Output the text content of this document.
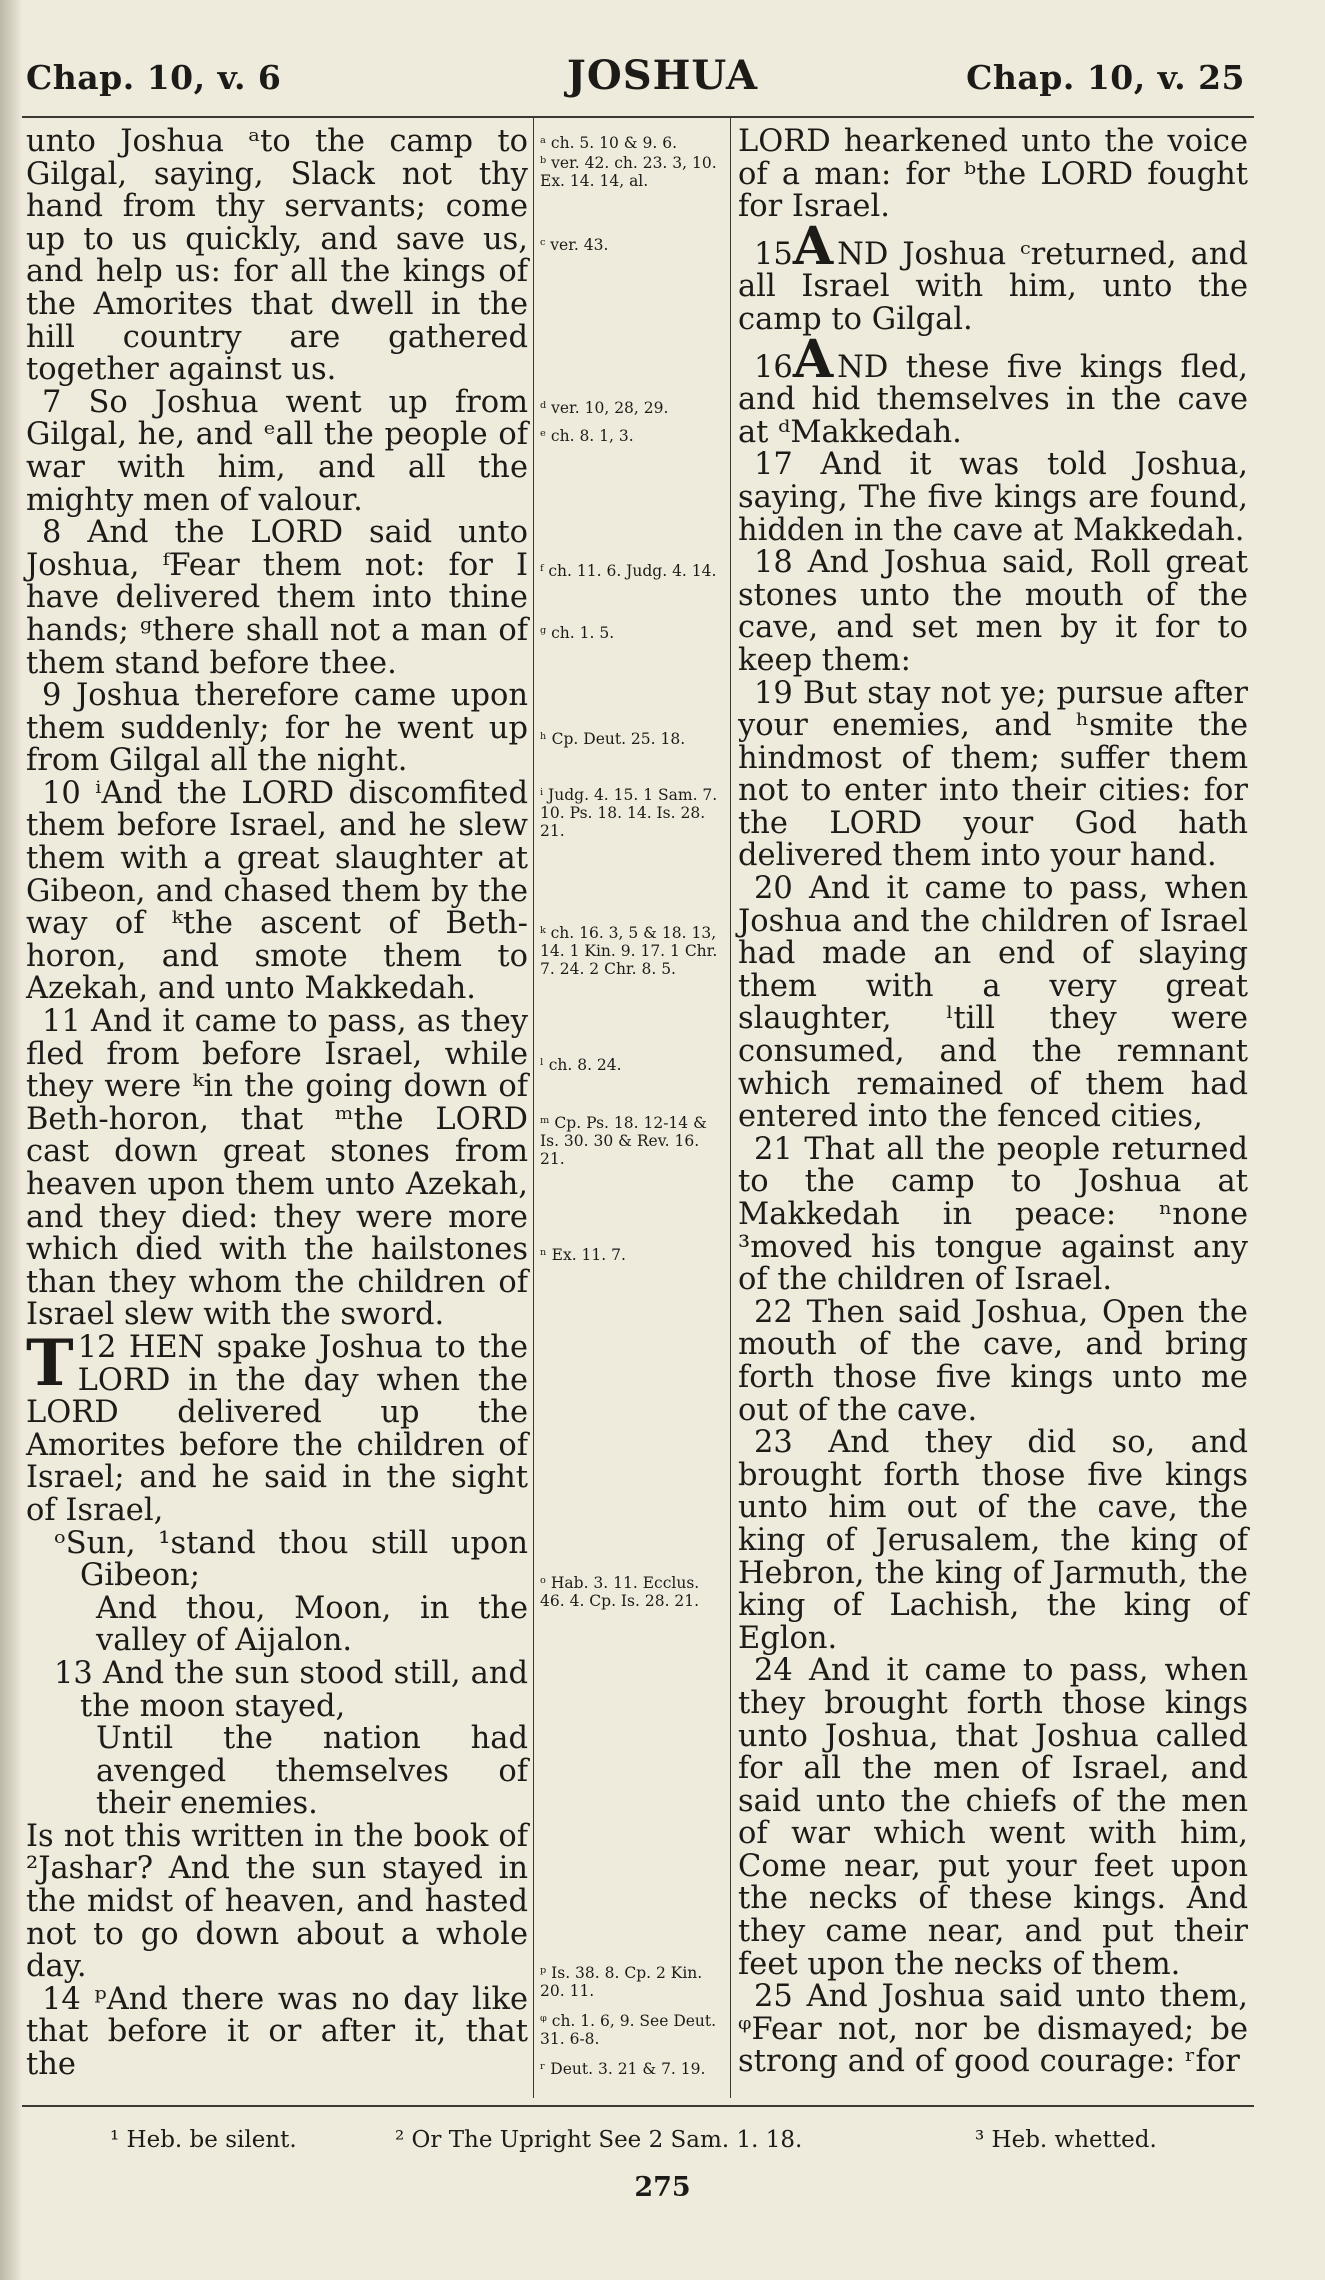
Chap. 10, v. 6	JOSHUA	Chap. 10, v. 25

unto Joshua ᵃto the camp to Gilgal, saying, Slack not thy hand from thy servants; come up to us quickly, and save us, and help us: for all the kings of the Amorites that dwell in the hill country are gathered together against us.

7 So Joshua went up from Gilgal, he, and ᵉall the people of war with him, and all the mighty men of valour.

8 And the LORD said unto Joshua, ᶠFear them not: for I have delivered them into thine hands; ᵍthere shall not a man of them stand before thee.

9 Joshua therefore came upon them suddenly; for he went up from Gilgal all the night.

10 ⁱAnd the LORD discomfited them before Israel, and he slew them with a great slaughter at Gibeon, and chased them by the way of ᵏthe ascent of Beth-horon, and smote them to Azekah, and unto Makkedah.

11 And it came to pass, as they fled from before Israel, while they were ᵏin the going down of Beth-horon, that ᵐthe LORD cast down great stones from heaven upon them unto Azekah, and they died: they were more which died with the hailstones than they whom the children of Israel slew with the sword.

12
T HEN spake Joshua to the LORD in the day when the LORD delivered up the Amorites before the children of Israel; and he said in the sight of Israel,

ᵒSun, ¹stand thou still upon Gibeon;

And thou, Moon, in the valley of Aijalon.

13 And the sun stood still, and the moon stayed,

Until the nation had avenged themselves of their enemies.

Is not this written in the book of ²Jashar? And the sun stayed in the midst of heaven, and hasted not to go down about a whole day.

14 ᵖAnd there was no day like that before it or after it, that the

ᵃ ch. 5. 10 & 9. 6.
ᵇ ver. 42. ch. 23. 3, 10. Ex. 14. 14, al.
ᶜ ver. 43.
ᵈ ver. 10, 28, 29.
ᵉ ch. 8. 1, 3.
ᶠ ch. 11. 6. Judg. 4. 14.
ᵍ ch. 1. 5.
ʰ Cp. Deut. 25. 18.
ⁱ Judg. 4. 15. 1 Sam. 7. 10. Ps. 18. 14. Is. 28. 21.
ᵏ ch. 16. 3, 5 & 18. 13, 14. 1 Kin. 9. 17. 1 Chr. 7. 24. 2 Chr. 8. 5.
ˡ ch. 8. 24.
ᵐ Cp. Ps. 18. 12-14 & Is. 30. 30 & Rev. 16. 21.
ⁿ Ex. 11. 7.
ᵒ Hab. 3. 11. Ecclus. 46. 4. Cp. Is. 28. 21.
ᵖ Is. 38. 8. Cp. 2 Kin. 20. 11.
ᵠ ch. 1. 6, 9. See Deut. 31. 6-8.
ʳ Deut. 3. 21 & 7. 19.

LORD hearkened unto the voice of a man: for ᵇthe LORD fought for Israel.

15A ND Joshua ᶜreturned, and all Israel with him, unto the camp to Gilgal.

16A ND these five kings fled, and hid themselves in the cave at ᵈMakkedah.

17 And it was told Joshua, saying, The five kings are found, hidden in the cave at Makkedah.

18 And Joshua said, Roll great stones unto the mouth of the cave, and set men by it for to keep them:

19 But stay not ye; pursue after your enemies, and ʰsmite the hindmost of them; suffer them not to enter into their cities: for the LORD your God hath delivered them into your hand.

20 And it came to pass, when Joshua and the children of Israel had made an end of slaying them with a very great slaughter, ˡtill they were consumed, and the remnant which remained of them had entered into the fenced cities,

21 That all the people returned to the camp to Joshua at Makkedah in peace: ⁿnone ³moved his tongue against any of the children of Israel.

22 Then said Joshua, Open the mouth of the cave, and bring forth those five kings unto me out of the cave.

23 And they did so, and brought forth those five kings unto him out of the cave, the king of Jerusalem, the king of Hebron, the king of Jarmuth, the king of Lachish, the king of Eglon.

24 And it came to pass, when they brought forth those kings unto Joshua, that Joshua called for all the men of Israel, and said unto the chiefs of the men of war which went with him, Come near, put your feet upon the necks of these kings. And they came near, and put their feet upon the necks of them.

25 And Joshua said unto them, ᵠFear not, nor be dismayed; be strong and of good courage: ʳfor

¹ Heb. be silent.	² Or The Upright See 2 Sam. 1. 18.	³ Heb. whetted.
275
